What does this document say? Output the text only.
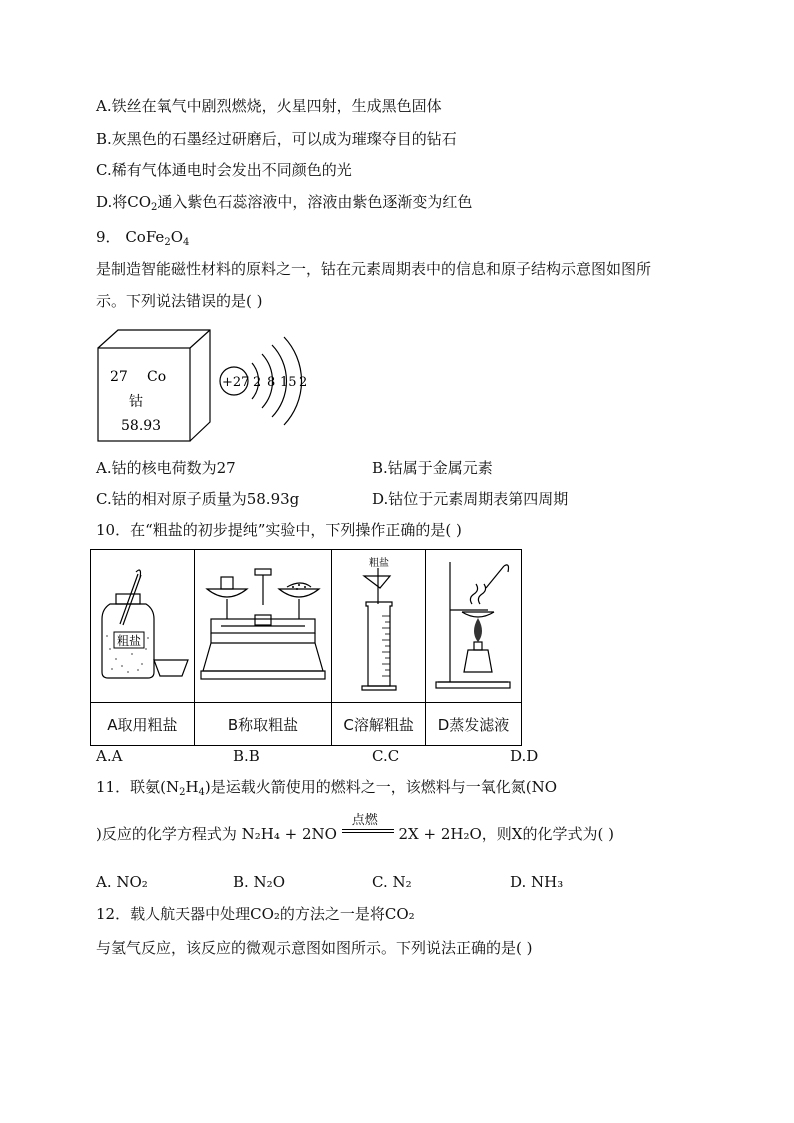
A.铁丝在氧气中剧烈燃烧，火星四射，生成黑色固体
B.灰黑色的石墨经过研磨后，可以成为璀璨夺目的钻石
C.稀有气体通电时会发出不同颜色的光
D.将$CO_2$通入紫色石蕊溶液中，溶液由紫色逐渐变为红色
9． $CoFe_2O_4$
是制造智能磁性材料的原料之一，钴在元素周期表中的信息和原子结构示意图如图所
示。下列说法错误的是( )
27 Co
钴
58.93
+27 2 8 15 2
A.钴的核电荷数为27	B.钴属于金属元素
C.钴的相对原子质量为58.93g	D.钴位于元素周期表第四周期
10．在“粗盐的初步提纯”实验中，下列操作正确的是( )
粗盐		粗盐

A取用粗盐	B称取粗盐	C溶解粗盐	D蒸发滤液
A.A	B.B	C.C	D.D
11．联氨$(N_2H_4)$是运载火箭使用的燃料之一，该燃料与一氧化氮(NO
)反应的化学方程式为 N₂H₄ + 2NO
点燃
2X + 2H₂O，则X的化学式为( )
A. NO₂	B. N₂O	C. N₂	D. NH₃
12．载人航天器中处理CO₂的方法之一是将CO₂
与氢气反应，该反应的微观示意图如图所示。下列说法正确的是( )
